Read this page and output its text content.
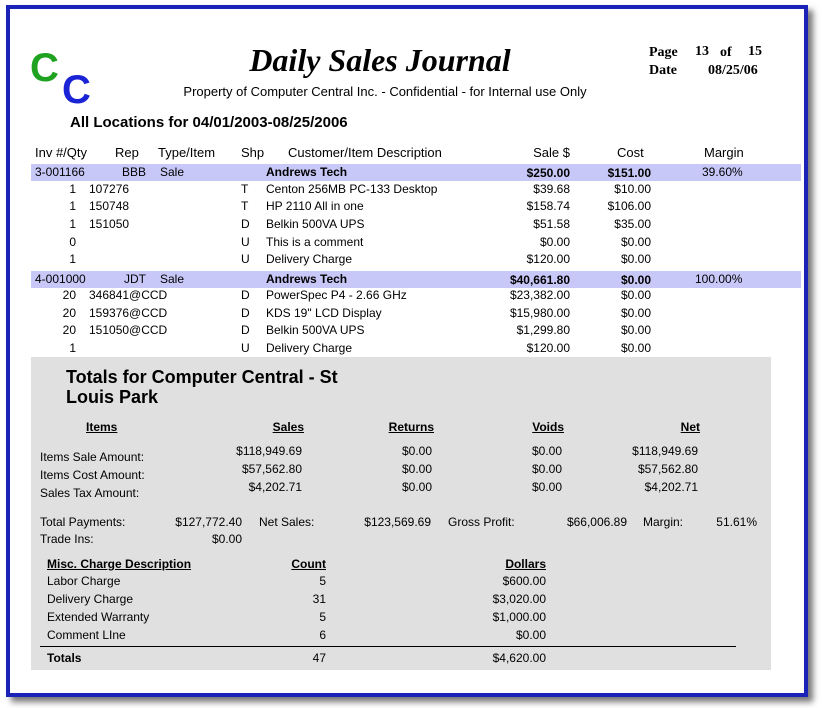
C C
Daily Sales Journal
Property of Computer Central Inc. - Confidential - for Internal use Only
Page 13 of 15
Date 08/25/06
All Locations for 04/01/2003-08/25/2006
Inv #/Qty Rep Type/Item Shp Customer/Item Description	Sale $	Cost	Margin
3-001166	BBB Sale	Andrews Tech	$250.00	$151.00	39.60%
1 107276	T Centon 256MB PC-133 Desktop	$39.68	$10.00
1 150748	T HP 2110 All in one	$158.74	$106.00
1 151050	D Belkin 500VA UPS	$51.58	$35.00
0	U This is a comment	$0.00	$0.00
1	U Delivery Charge	$120.00	$0.00
4-001000	JDT Sale	Andrews Tech	$40,661.80	$0.00	100.00%
20 346841@CCD	D PowerSpec P4 - 2.66 GHz	$23,382.00	$0.00
20 159376@CCD	D KDS 19" LCD Display	$15,980.00	$0.00
20 151050@CCD	D Belkin 500VA UPS	$1,299.80	$0.00
1	U Delivery Charge	$120.00	$0.00
Totals for Computer Central - St
Louis Park
Items	Sales	Returns	Voids	Net
Items Sale Amount:	$118,949.69	$0.00	$0.00	$118,949.69
Items Cost Amount:	$57,562.80	$0.00	$0.00	$57,562.80
Sales Tax Amount:	$4,202.71	$0.00	$0.00	$4,202.71
Total Payments:	$127,772.40 Net Sales:	$123,569.69 Gross Profit:	$66,006.89 Margin:	51.61%
Trade Ins:	$0.00
Misc. Charge Description	Count	Dollars
Labor Charge	5	$600.00
Delivery Charge	31	$3,020.00
Extended Warranty	5	$1,000.00
Comment LIne	6	$0.00
Totals	47	$4,620.00
